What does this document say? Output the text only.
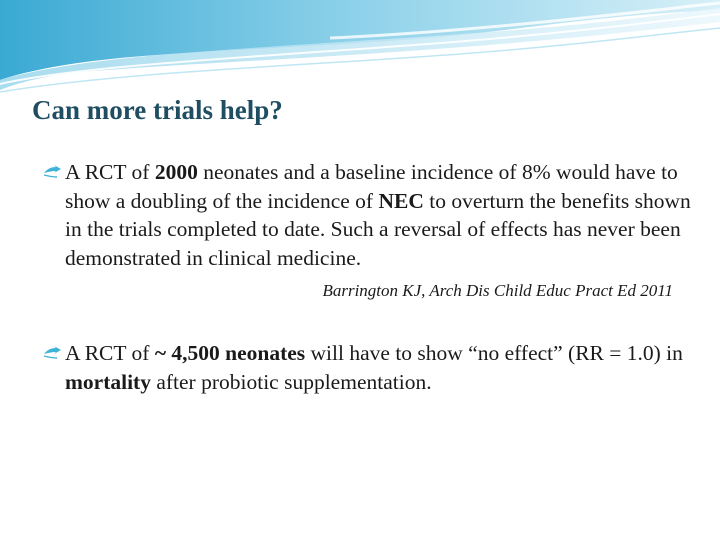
Can more trials help?

A RCT of 2000 neonates and a baseline incidence of 8% would have to show a doubling of the incidence of NEC to overturn the benefits shown in the trials completed to date. Such a reversal of effects has never been demonstrated in clinical medicine.

Barrington KJ, Arch Dis Child Educ Pract Ed 2011

A RCT of ~ 4,500 neonates will have to show “no effect” (RR = 1.0) in mortality after probiotic supplementation.
